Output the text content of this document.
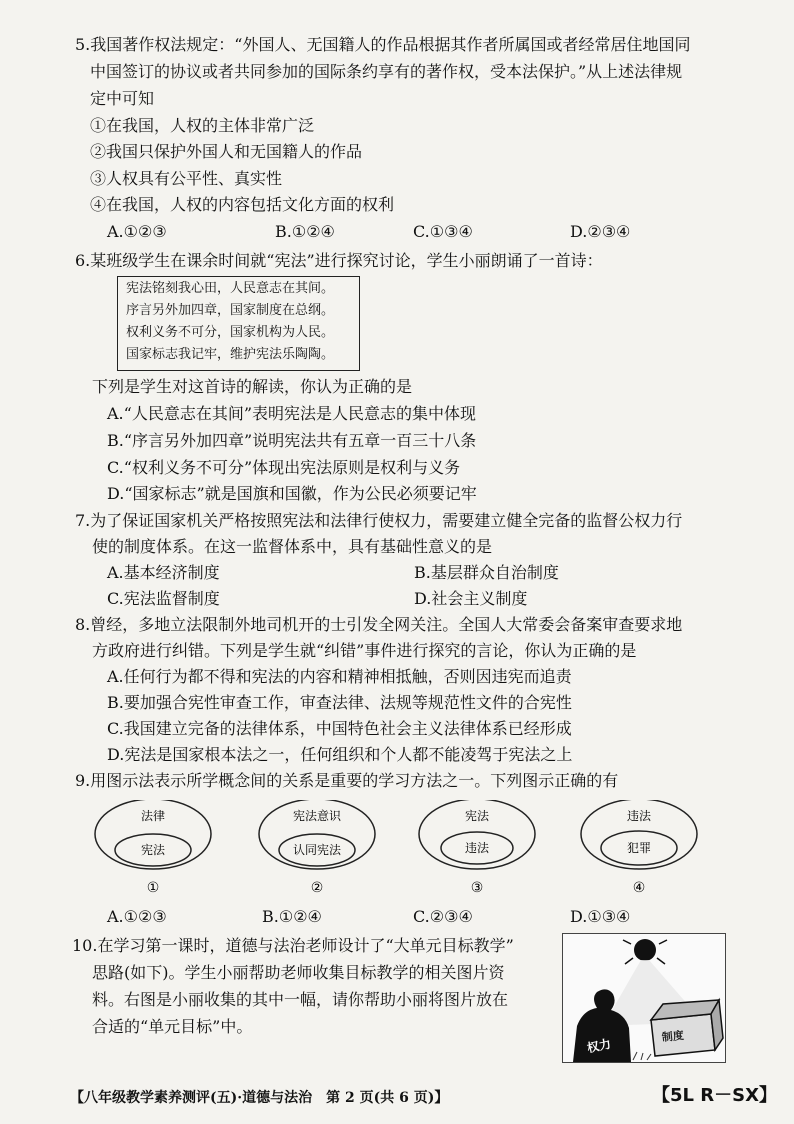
5.我国著作权法规定：“外国人、无国籍人的作品根据其作者所属国或者经常居住地国同
中国签订的协议或者共同参加的国际条约享有的著作权，受本法保护。”从上述法律规
定中可知
①在我国，人权的主体非常广泛
②我国只保护外国人和无国籍人的作品
③人权具有公平性、真实性
④在我国，人权的内容包括文化方面的权利
A.①②③	B.①②④	C.①③④	D.②③④
6.某班级学生在课余时间就“宪法”进行探究讨论，学生小丽朗诵了一首诗：
宪法铭刻我心田，人民意志在其间。
序言另外加四章，国家制度在总纲。
权利义务不可分，国家机构为人民。
国家标志我记牢，维护宪法乐陶陶。
下列是学生对这首诗的解读，你认为正确的是
A.“人民意志在其间”表明宪法是人民意志的集中体现
B.“序言另外加四章”说明宪法共有五章一百三十八条
C.“权利义务不可分”体现出宪法原则是权利与义务
D.“国家标志”就是国旗和国徽，作为公民必须要记牢
7.为了保证国家机关严格按照宪法和法律行使权力，需要建立健全完备的监督公权力行
使的制度体系。在这一监督体系中，具有基础性意义的是
A.基本经济制度	B.基层群众自治制度
C.宪法监督制度	D.社会主义制度
8.曾经，多地立法限制外地司机开的士引发全网关注。全国人大常委会备案审查要求地
方政府进行纠错。下列是学生就“纠错”事件进行探究的言论，你认为正确的是
A.任何行为都不得和宪法的内容和精神相抵触，否则因违宪而追责
B.要加强合宪性审查工作，审查法律、法规等规范性文件的合宪性
C.我国建立完备的法律体系，中国特色社会主义法律体系已经形成
D.宪法是国家根本法之一，任何组织和个人都不能凌驾于宪法之上
9.用图示法表示所学概念间的关系是重要的学习方法之一。下列图示正确的有
法律
宪法
①
宪法意识
认同宪法
②
宪法
违法
③
违法
犯罪
④
A.①②③	B.①②④	C.②③④	D.①③④
10.在学习第一课时，道德与法治老师设计了“大单元目标教学”
思路(如下)。学生小丽帮助老师收集目标教学的相关图片资
料。右图是小丽收集的其中一幅，请你帮助小丽将图片放在
合适的“单元目标”中。
权力
制度
【八年级教学素养测评(五)·道德与法治　第 2 页(共 6 页)】	【5L R－SX】
